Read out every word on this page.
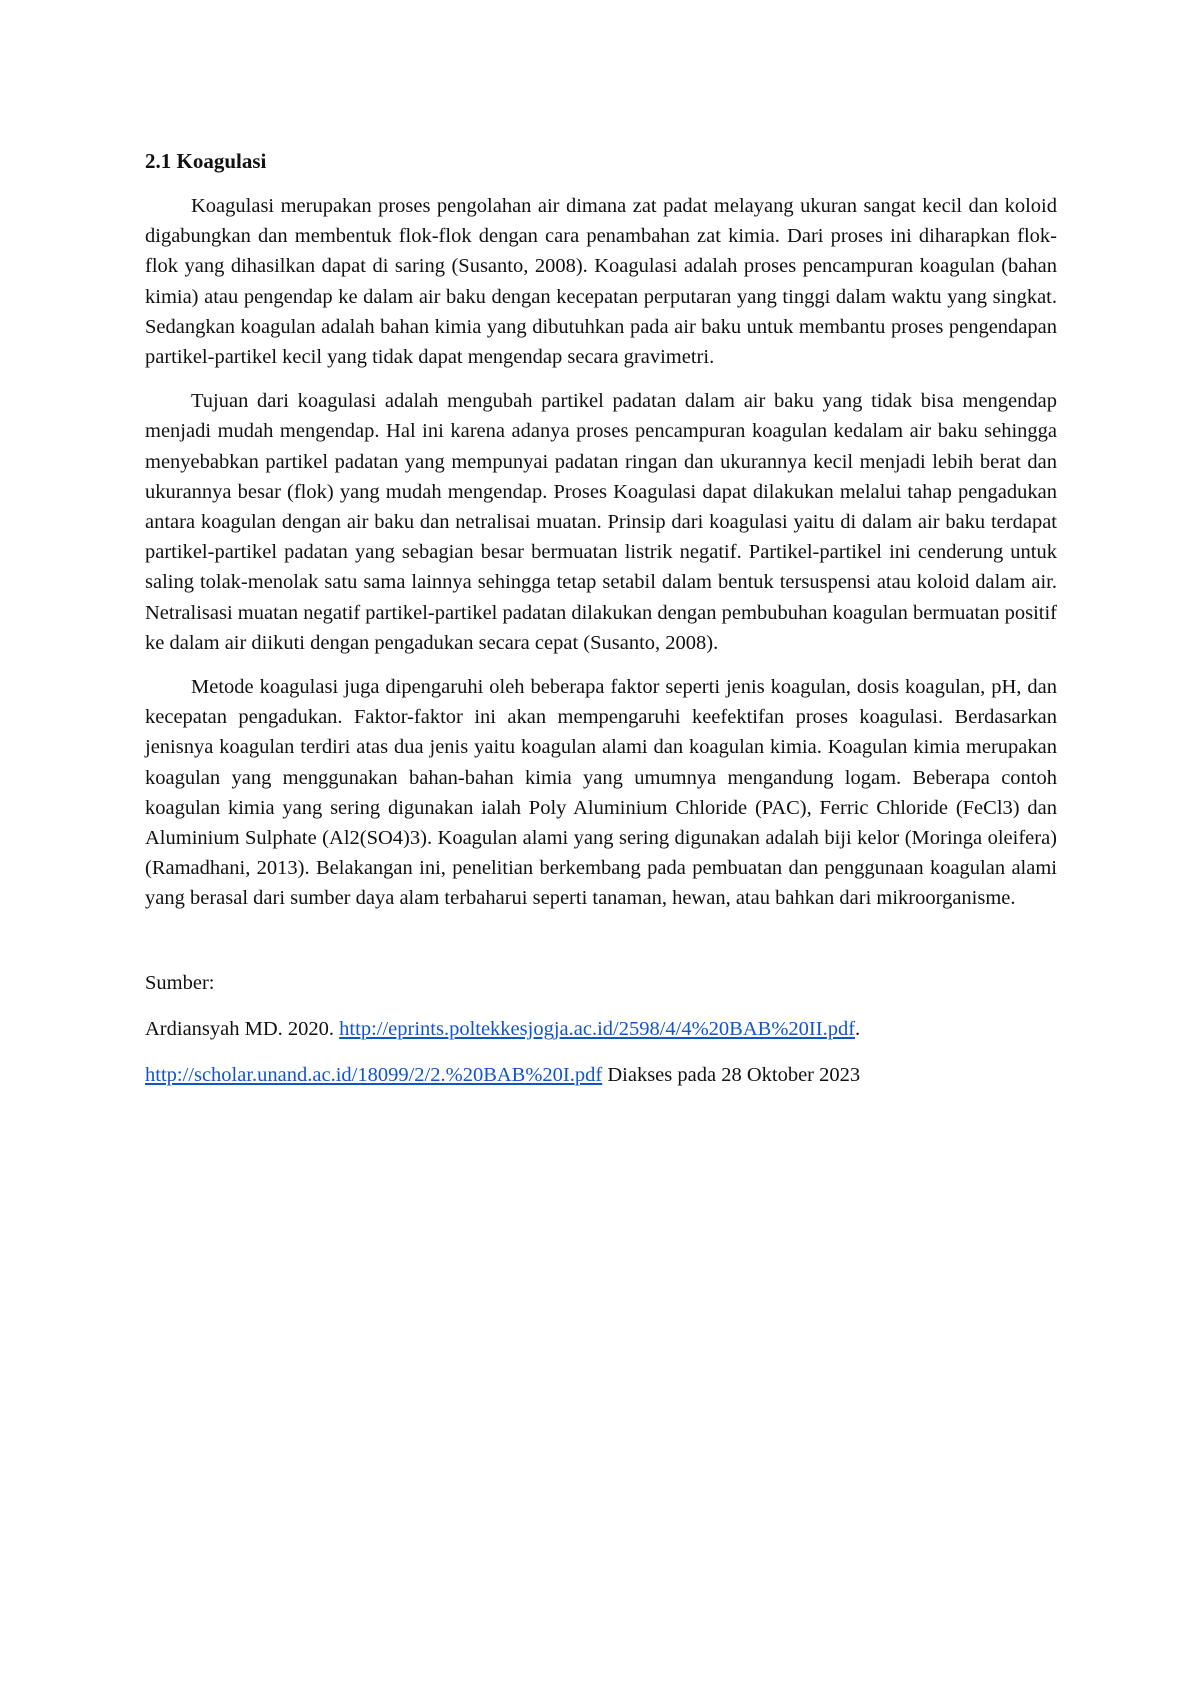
2.1 Koagulasi

Koagulasi merupakan proses pengolahan air dimana zat padat melayang ukuran sangat kecil dan koloid digabungkan dan membentuk flok-flok dengan cara penambahan zat kimia. Dari proses ini diharapkan flok-flok yang dihasilkan dapat di saring (Susanto, 2008). Koagulasi adalah proses pencampuran koagulan (bahan kimia) atau pengendap ke dalam air baku dengan kecepatan perputaran yang tinggi dalam waktu yang singkat. Sedangkan koagulan adalah bahan kimia yang dibutuhkan pada air baku untuk membantu proses pengendapan partikel-partikel kecil yang tidak dapat mengendap secara gravimetri.

Tujuan dari koagulasi adalah mengubah partikel padatan dalam air baku yang tidak bisa mengendap menjadi mudah mengendap. Hal ini karena adanya proses pencampuran koagulan kedalam air baku sehingga menyebabkan partikel padatan yang mempunyai padatan ringan dan ukurannya kecil menjadi lebih berat dan ukurannya besar (flok) yang mudah mengendap. Proses Koagulasi dapat dilakukan melalui tahap pengadukan antara koagulan dengan air baku dan netralisai muatan. Prinsip dari koagulasi yaitu di dalam air baku terdapat partikel-partikel padatan yang sebagian besar bermuatan listrik negatif. Partikel-partikel ini cenderung untuk saling tolak-menolak satu sama lainnya sehingga tetap setabil dalam bentuk tersuspensi atau koloid dalam air. Netralisasi muatan negatif partikel-partikel padatan dilakukan dengan pembubuhan koagulan bermuatan positif ke dalam air diikuti dengan pengadukan secara cepat (Susanto, 2008).

Metode koagulasi juga dipengaruhi oleh beberapa faktor seperti jenis koagulan, dosis koagulan, pH, dan kecepatan pengadukan. Faktor-faktor ini akan mempengaruhi keefektifan proses koagulasi. Berdasarkan jenisnya koagulan terdiri atas dua jenis yaitu koagulan alami dan koagulan kimia. Koagulan kimia merupakan koagulan yang menggunakan bahan-bahan kimia yang umumnya mengandung logam. Beberapa contoh koagulan kimia yang sering digunakan ialah Poly Aluminium Chloride (PAC), Ferric Chloride (FeCl3) dan Aluminium Sulphate (Al2(SO4)3). Koagulan alami yang sering digunakan adalah biji kelor (Moringa oleifera) (Ramadhani, 2013). Belakangan ini, penelitian berkembang pada pembuatan dan penggunaan koagulan alami yang berasal dari sumber daya alam terbaharui seperti tanaman, hewan, atau bahkan dari mikroorganisme.

Sumber:
Ardiansyah MD. 2020. http://eprints.poltekkesjogja.ac.id/2598/4/4%20BAB%20II.pdf.
http://scholar.unand.ac.id/18099/2/2.%20BAB%20I.pdf Diakses pada 28 Oktober 2023
